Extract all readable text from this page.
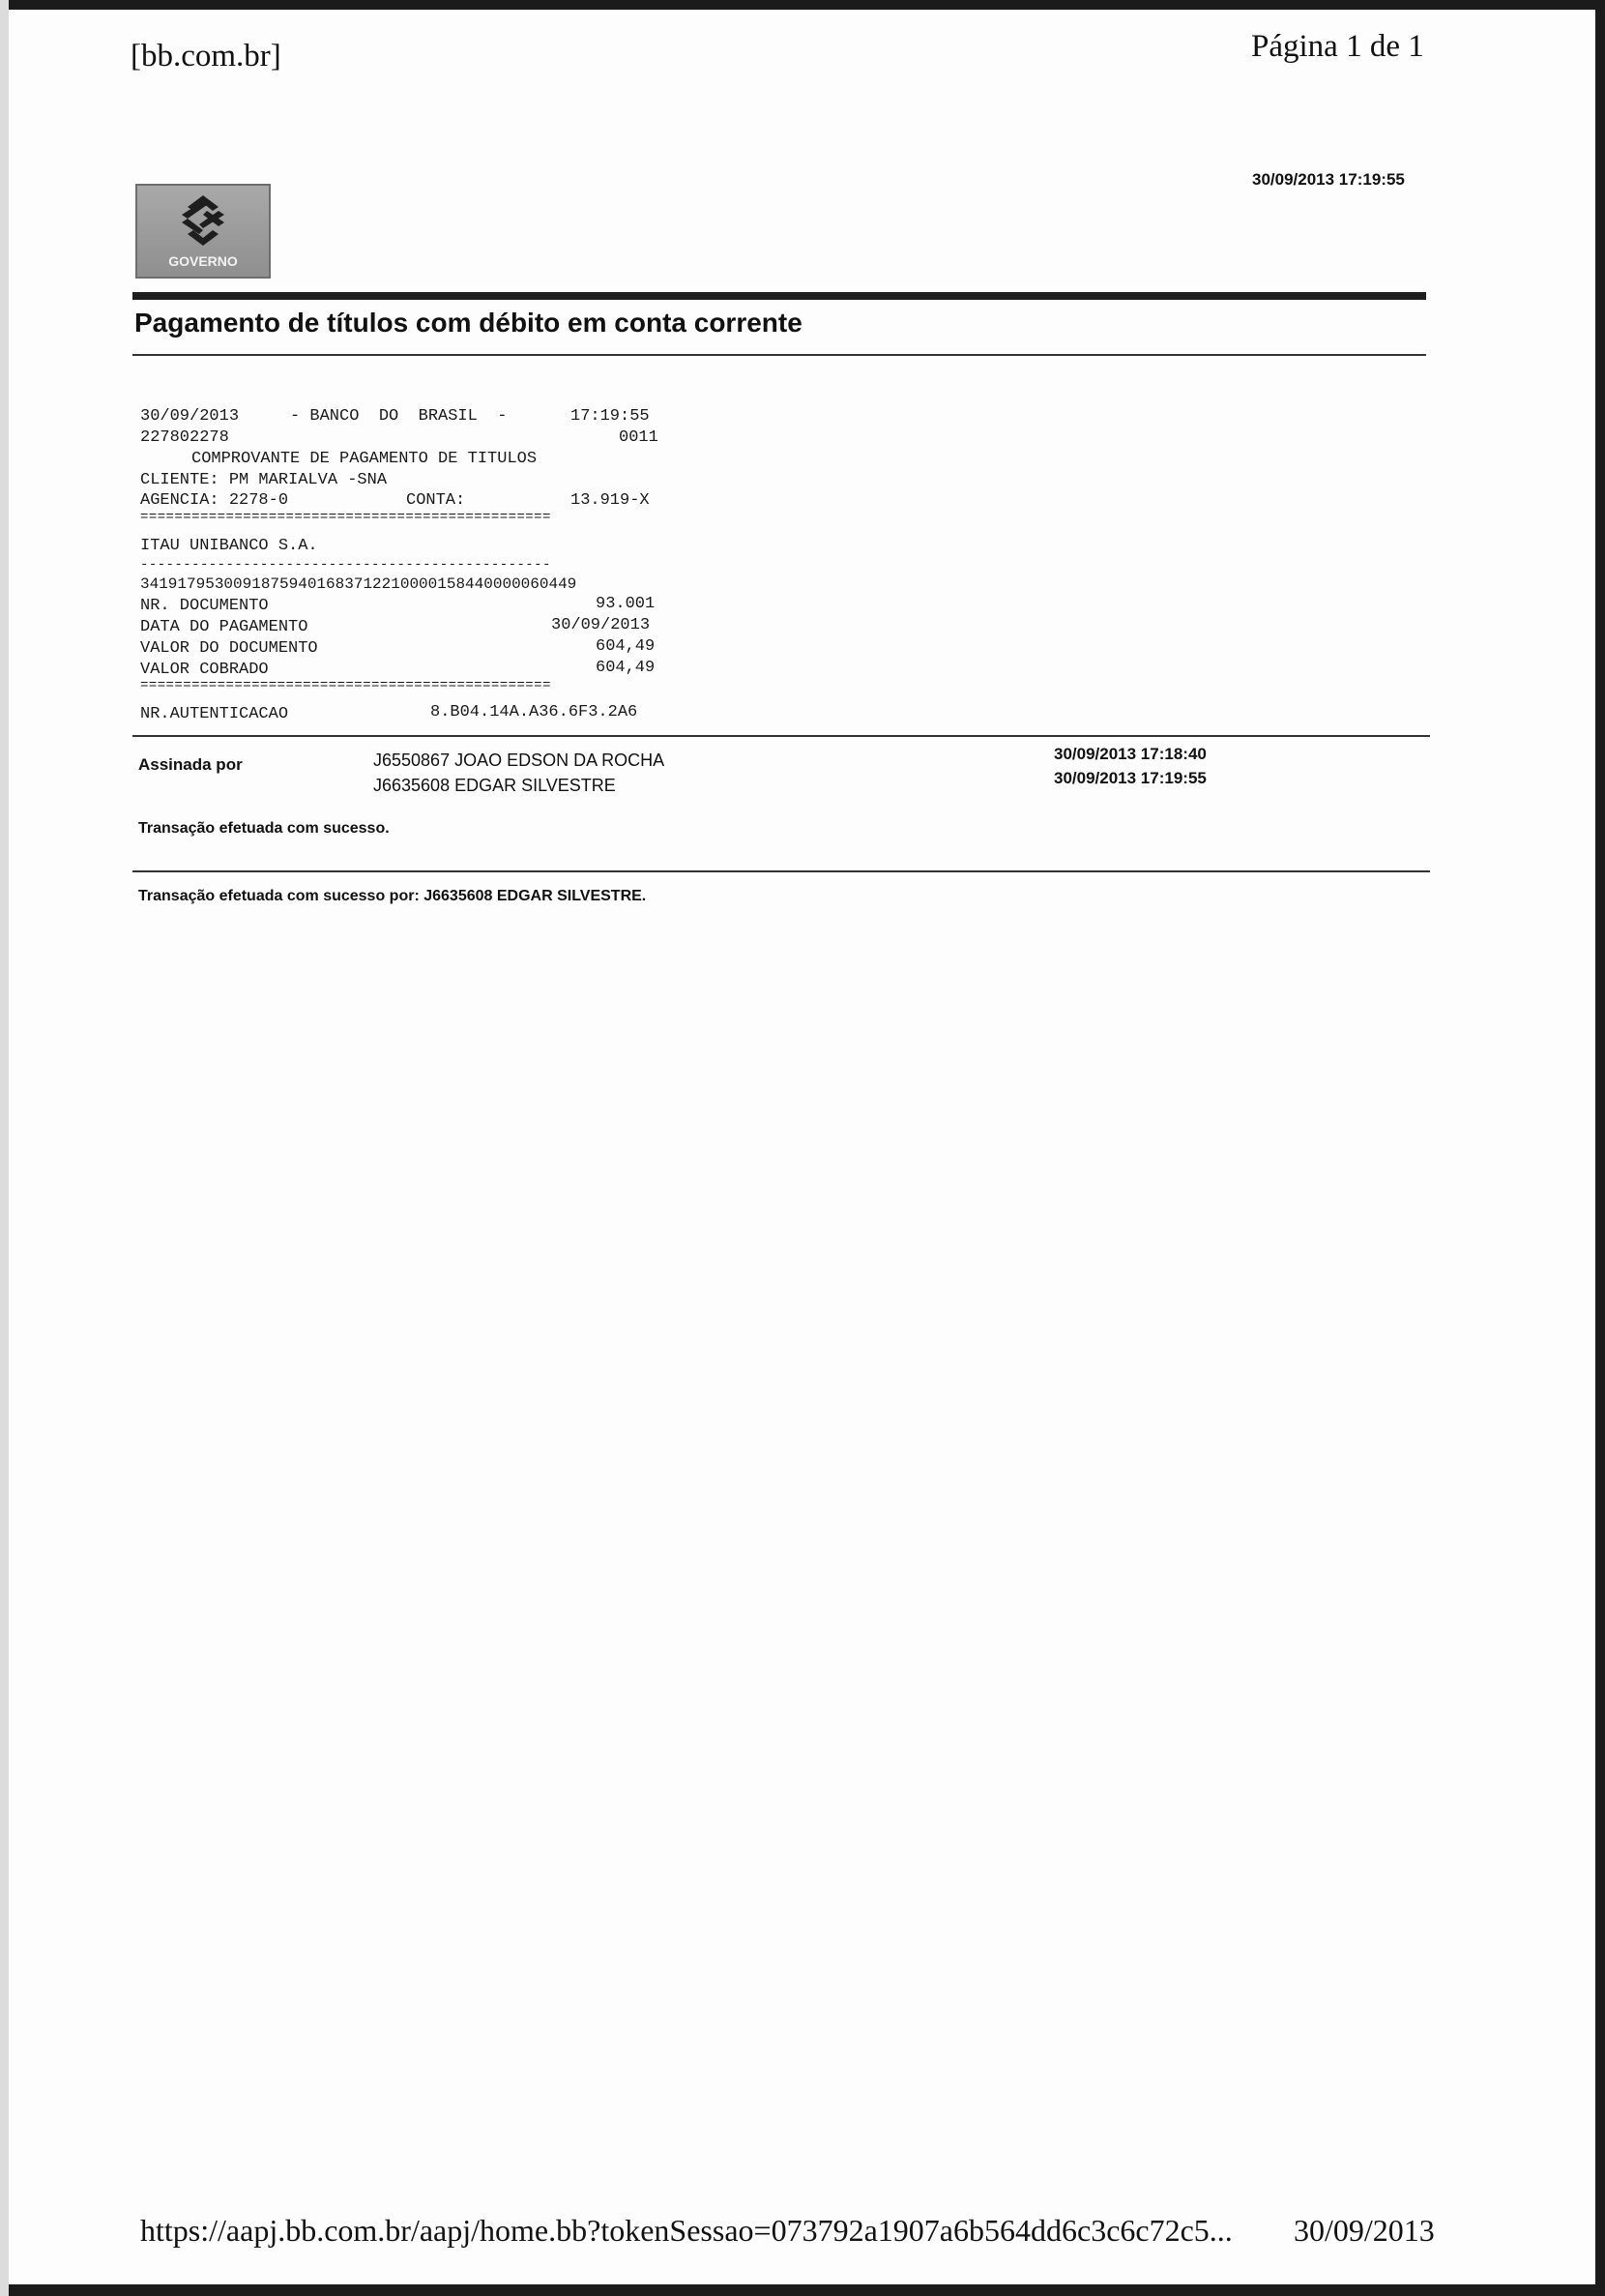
[bb.com.br]	Página 1 de 1
30/09/2013 17:19:55
GOVERNO
Pagamento de títulos com débito em conta corrente
30/09/2013	- BANCO  DO  BRASIL  -	17:19:55
227802278	0011
COMPROVANTE DE PAGAMENTO DE TITULOS
CLIENTE: PM MARIALVA -SNA
AGENCIA: 2278-0	CONTA:	13.919-X
================================================
ITAU UNIBANCO S.A.
------------------------------------------------
34191795300918759401683712210000158440000060449
NR. DOCUMENTO	93.001
DATA DO PAGAMENTO	30/09/2013
VALOR DO DOCUMENTO	604,49
VALOR COBRADO	604,49
================================================
NR.AUTENTICACAO	8.B04.14A.A36.6F3.2A6
Assinada por	J6550867 JOAO EDSON DA ROCHA	30/09/2013 17:18:40
J6635608 EDGAR SILVESTRE	30/09/2013 17:19:55
Transação efetuada com sucesso.
Transação efetuada com sucesso por: J6635608 EDGAR SILVESTRE.
https://aapj.bb.com.br/aapj/home.bb?tokenSessao=073792a1907a6b564dd6c3c6c72c5... 30/09/2013
